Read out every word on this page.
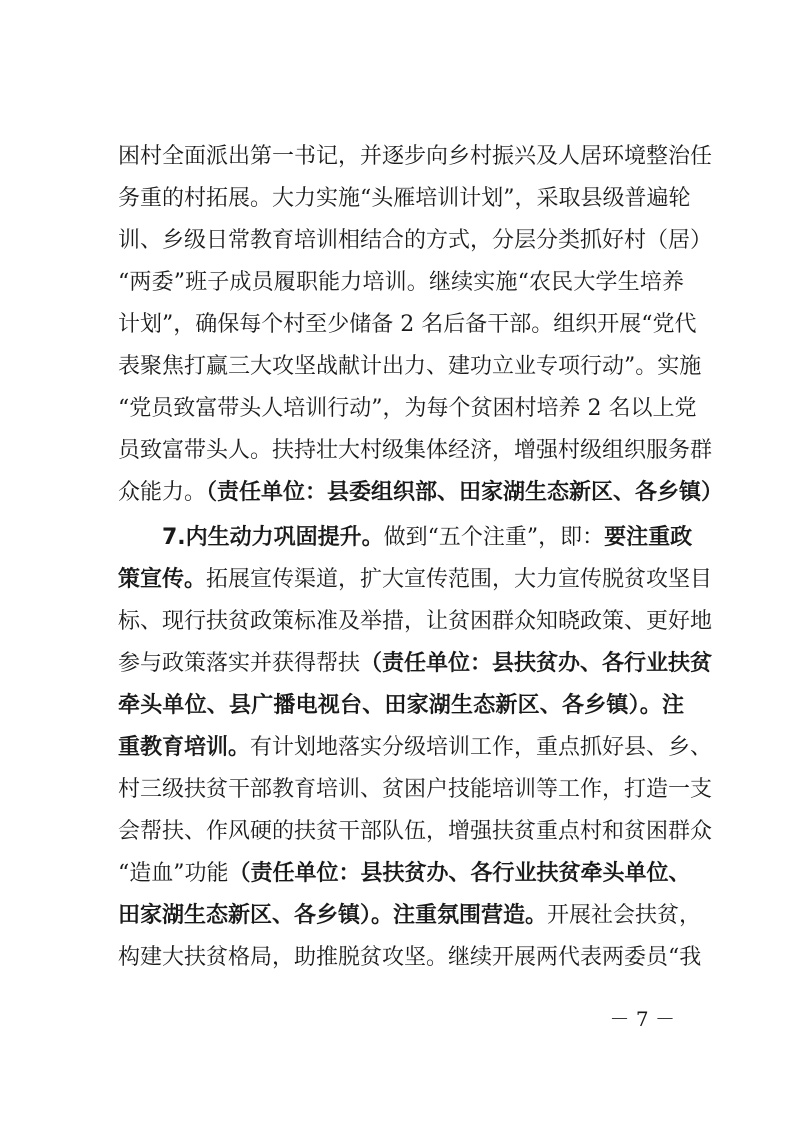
困村全面派出第一书记，并逐步向乡村振兴及人居环境整治任
务重的村拓展。大力实施“头雁培训计划”，采取县级普遍轮
训、乡级日常教育培训相结合的方式，分层分类抓好村（居）
“两委”班子成员履职能力培训。继续实施“农民大学生培养
计划”，确保每个村至少储备 2 名后备干部。组织开展“党代
表聚焦打赢三大攻坚战献计出力、建功立业专项行动”。实施
“党员致富带头人培训行动”，为每个贫困村培养 2 名以上党
员致富带头人。扶持壮大村级集体经济，增强村级组织服务群
众能力。（责任单位：县委组织部、田家湖生态新区、各乡镇）
7.内生动力巩固提升。做到“五个注重”，即：要注重政
策宣传。拓展宣传渠道，扩大宣传范围，大力宣传脱贫攻坚目
标、现行扶贫政策标准及举措，让贫困群众知晓政策、更好地
参与政策落实并获得帮扶（责任单位：县扶贫办、各行业扶贫
牵头单位、县广播电视台、田家湖生态新区、各乡镇）。注
重教育培训。有计划地落实分级培训工作，重点抓好县、乡、
村三级扶贫干部教育培训、贫困户技能培训等工作，打造一支
会帮扶、作风硬的扶贫干部队伍，增强扶贫重点村和贫困群众
“造血”功能（责任单位：县扶贫办、各行业扶贫牵头单位、
田家湖生态新区、各乡镇）。注重氛围营造。开展社会扶贫，
构建大扶贫格局，助推脱贫攻坚。继续开展两代表两委员“我
－ 7 －
